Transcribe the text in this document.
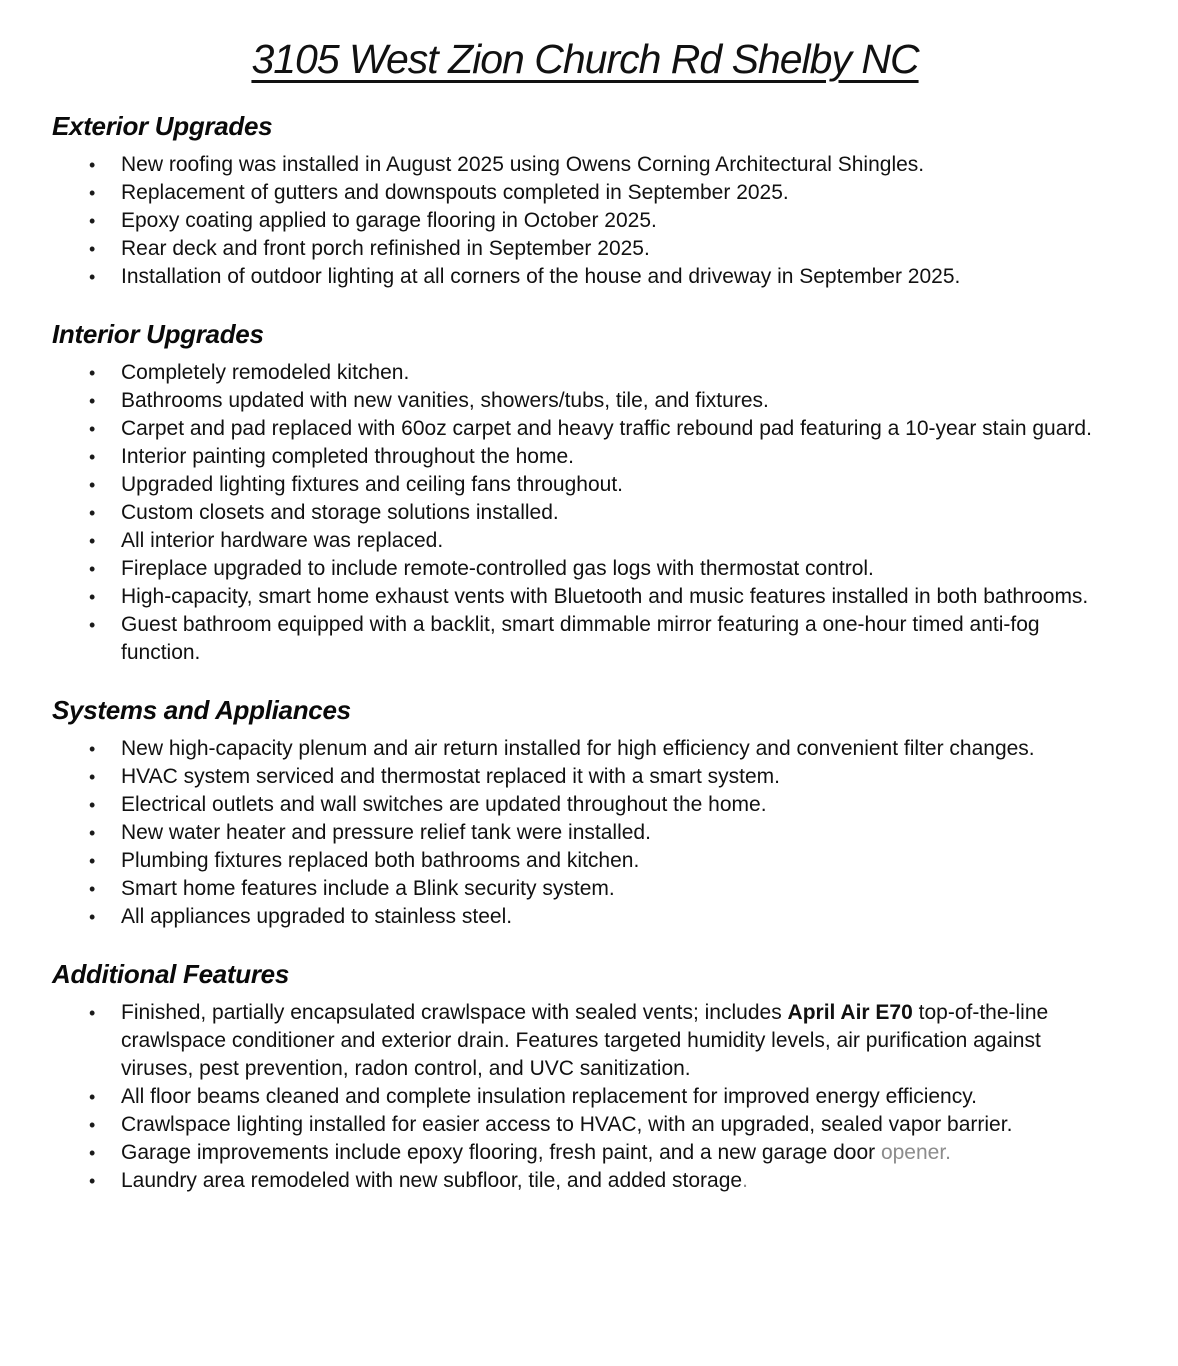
3105 West Zion Church Rd Shelby NC
Exterior Upgrades
•	New roofing was installed in August 2025 using Owens Corning Architectural Shingles.
•	Replacement of gutters and downspouts completed in September 2025.
•	Epoxy coating applied to garage flooring in October 2025.
•	Rear deck and front porch refinished in September 2025.
•	Installation of outdoor lighting at all corners of the house and driveway in September 2025.
Interior Upgrades
•	Completely remodeled kitchen.
•	Bathrooms updated with new vanities, showers/tubs, tile, and fixtures.
•	Carpet and pad replaced with 60oz carpet and heavy traffic rebound pad featuring a 10-year stain guard.
•	Interior painting completed throughout the home.
•	Upgraded lighting fixtures and ceiling fans throughout.
•	Custom closets and storage solutions installed.
•	All interior hardware was replaced.
•	Fireplace upgraded to include remote-controlled gas logs with thermostat control.
•	High-capacity, smart home exhaust vents with Bluetooth and music features installed in both bathrooms.
•	Guest bathroom equipped with a backlit, smart dimmable mirror featuring a one-hour timed anti-fog function.
Systems and Appliances
•	New high-capacity plenum and air return installed for high efficiency and convenient filter changes.
•	HVAC system serviced and thermostat replaced it with a smart system.
•	Electrical outlets and wall switches are updated throughout the home.
•	New water heater and pressure relief tank were installed.
•	Plumbing fixtures replaced both bathrooms and kitchen.
•	Smart home features include a Blink security system.
•	All appliances upgraded to stainless steel.
Additional Features
•	Finished, partially encapsulated crawlspace with sealed vents; includes April Air E70 top-of-the-line crawlspace conditioner and exterior drain. Features targeted humidity levels, air purification against viruses, pest prevention, radon control, and UVC sanitization.
•	All floor beams cleaned and complete insulation replacement for improved energy efficiency.
•	Crawlspace lighting installed for easier access to HVAC, with an upgraded, sealed vapor barrier.
•	Garage improvements include epoxy flooring, fresh paint, and a new garage door opener.
•	Laundry area remodeled with new subfloor, tile, and added storage.
